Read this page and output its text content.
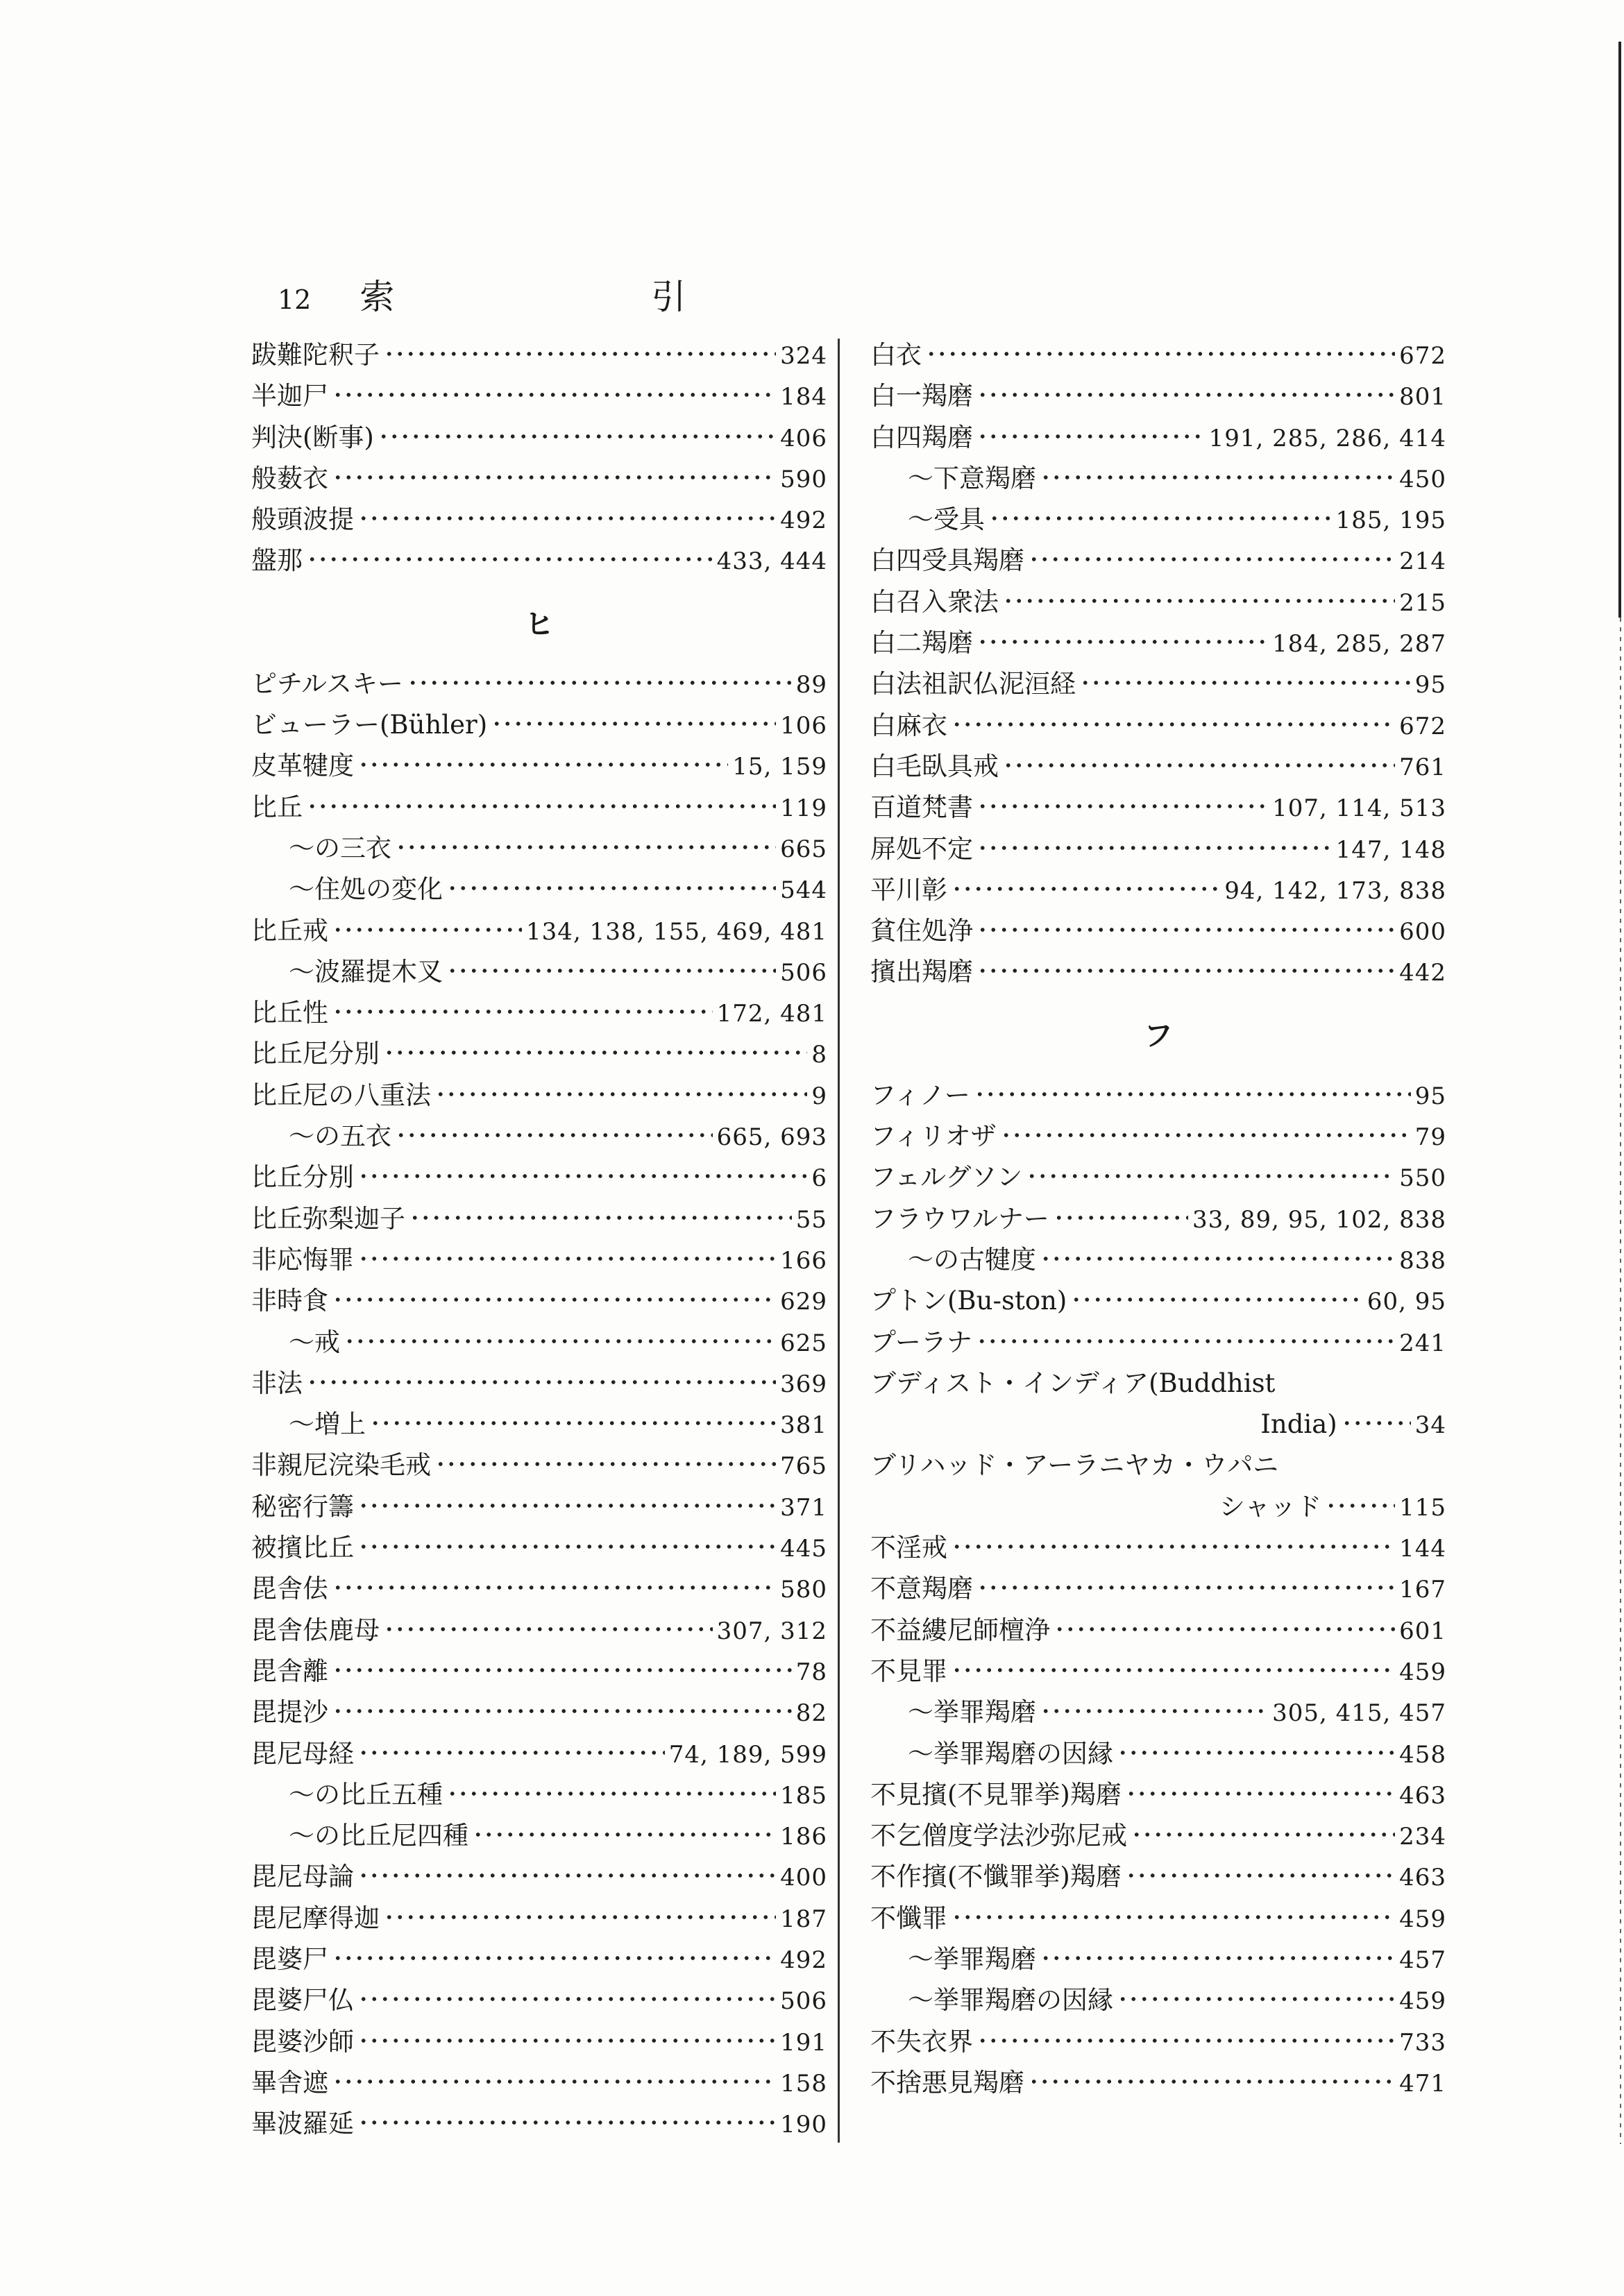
12 索　引
跋難陀釈子	324
半迦尸	184
判決(断事)	406
般薮衣	590
般頭波提	492
盤那	433, 444
ヒ
ピチルスキー	89
ビューラー(Bühler)	106
皮革犍度	15, 159
比丘	119
～の三衣	665
～住処の変化	544
比丘戒	134, 138, 155, 469, 481
～波羅提木叉	506
比丘性	172, 481
比丘尼分別	8
比丘尼の八重法	9
～の五衣	665, 693
比丘分別	6
比丘弥梨迦子	55
非応悔罪	166
非時食	629
～戒	625
非法	369
～増上	381
非親尼浣染毛戒	765
秘密行籌	371
被擯比丘	445
毘舎佉	580
毘舎佉鹿母	307, 312
毘舎離	78
毘提沙	82
毘尼母経	74, 189, 599
～の比丘五種	185
～の比丘尼四種	186
毘尼母論	400
毘尼摩得迦	187
毘婆尸	492
毘婆尸仏	506
毘婆沙師	191
畢舎遮	158
畢波羅延	190
白衣	672
白一羯磨	801
白四羯磨	191, 285, 286, 414
～下意羯磨	450
～受具	185, 195
白四受具羯磨	214
白召入衆法	215
白二羯磨	184, 285, 287
白法祖訳仏泥洹経	95
白麻衣	672
白毛臥具戒	761
百道梵書	107, 114, 513
屏処不定	147, 148
平川彰	94, 142, 173, 838
貧住処浄	600
擯出羯磨	442
フ
フィノー	95
フィリオザ	79
フェルグソン	550
フラウワルナー	33, 89, 95, 102, 838
～の古犍度	838
プトン(Bu-ston)	60, 95
プーラナ	241
ブディスト・インディア(Buddhist
India)	34
ブリハッド・アーラニヤカ・ウパニ
シャッド	115
不淫戒	144
不意羯磨	167
不益縷尼師檀浄	601
不見罪	459
～挙罪羯磨	305, 415, 457
～挙罪羯磨の因縁	458
不見擯(不見罪挙)羯磨	463
不乞僧度学法沙弥尼戒	234
不作擯(不懺罪挙)羯磨	463
不懺罪	459
～挙罪羯磨	457
～挙罪羯磨の因縁	459
不失衣界	733
不捨悪見羯磨	471
